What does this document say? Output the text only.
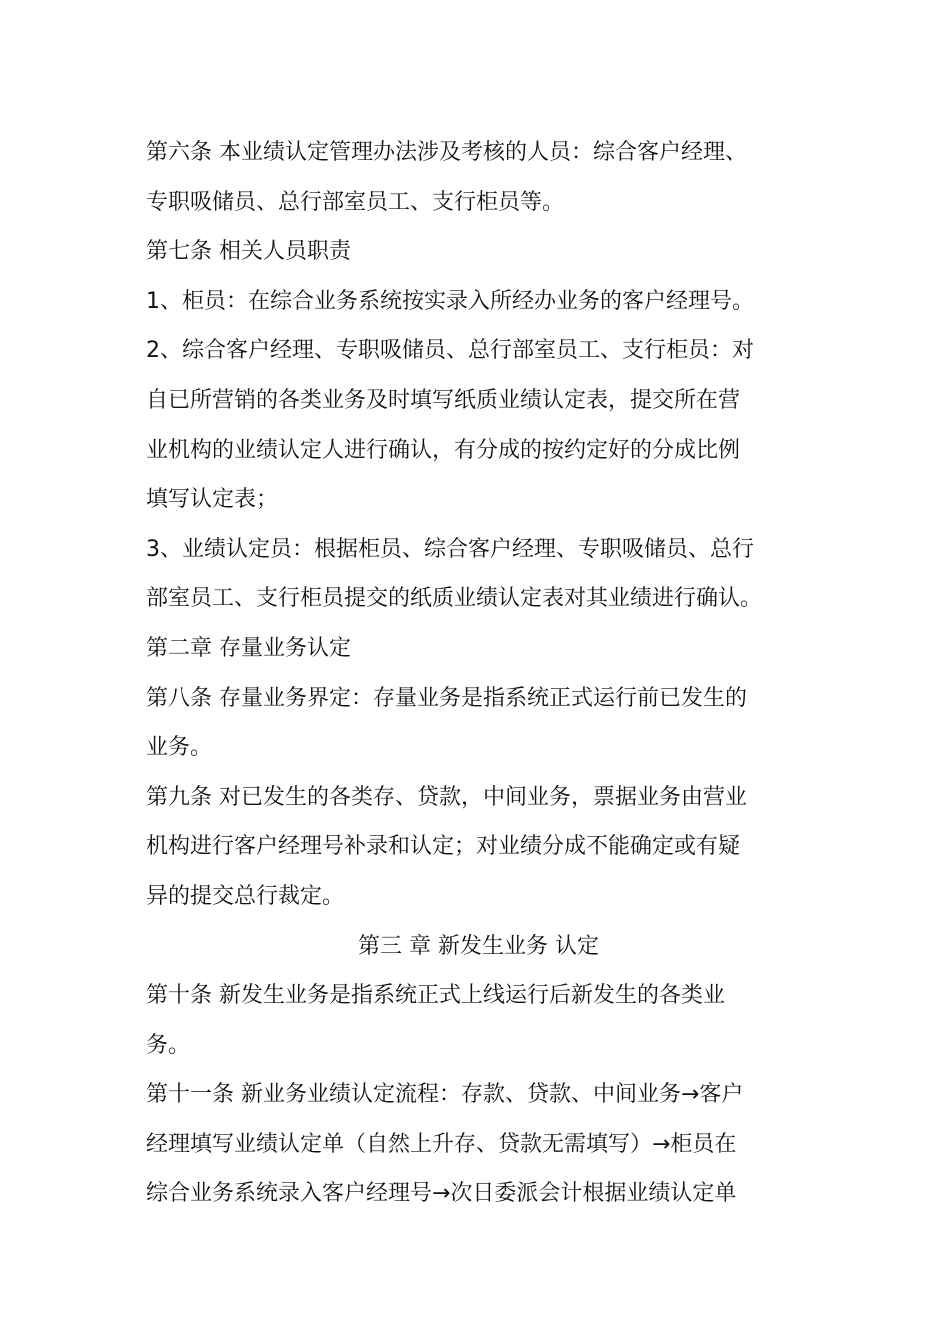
第六条 本业绩认定管理办法涉及考核的人员：综合客户经理、
专职吸储员、总行部室员工、支行柜员等。
第七条 相关人员职责
1、柜员：在综合业务系统按实录入所经办业务的客户经理号。
2、综合客户经理、专职吸储员、总行部室员工、支行柜员：对
自已所营销的各类业务及时填写纸质业绩认定表，提交所在营
业机构的业绩认定人进行确认，有分成的按约定好的分成比例
填写认定表；
3、业绩认定员：根据柜员、综合客户经理、专职吸储员、总行
部室员工、支行柜员提交的纸质业绩认定表对其业绩进行确认。
第二章 存量业务认定
第八条 存量业务界定：存量业务是指系统正式运行前已发生的
业务。
第九条 对已发生的各类存、贷款，中间业务，票据业务由营业
机构进行客户经理号补录和认定；对业绩分成不能确定或有疑
异的提交总行裁定。
第三 章 新发生业务 认定
第十条 新发生业务是指系统正式上线运行后新发生的各类业
务。
第十一条 新业务业绩认定流程：存款、贷款、中间业务→客户
经理填写业绩认定单（自然上升存、贷款无需填写）→柜员在
综合业务系统录入客户经理号→次日委派会计根据业绩认定单
